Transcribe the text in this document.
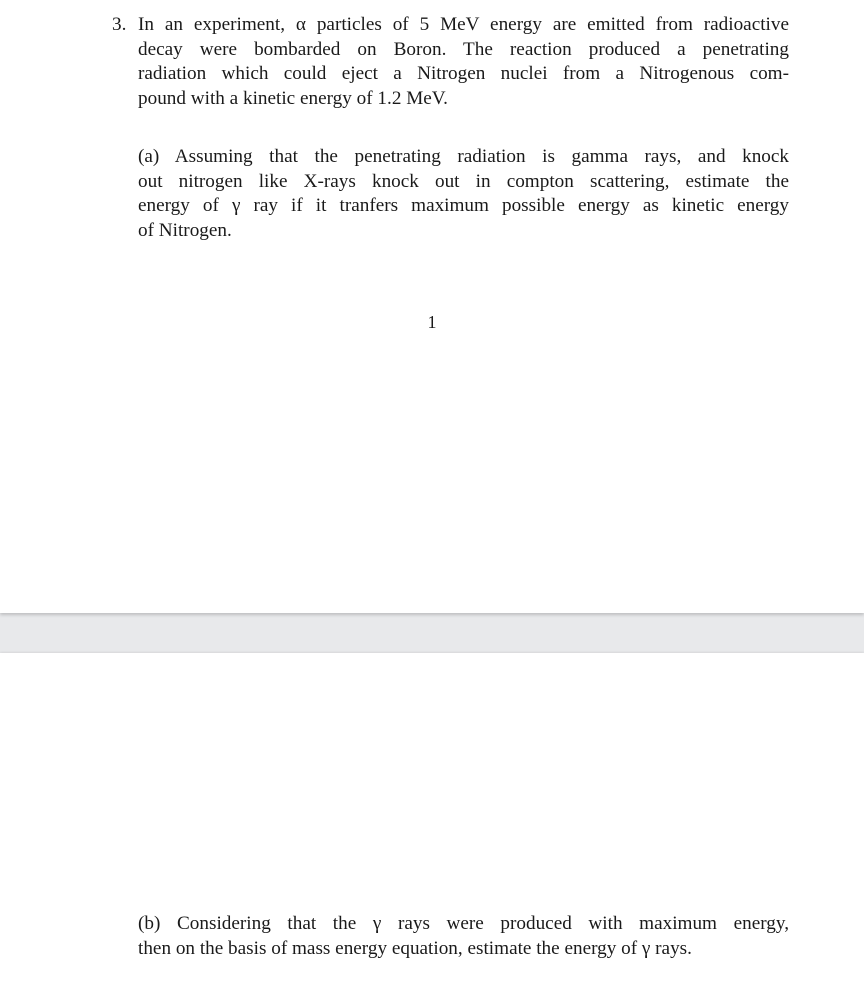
3. In an experiment, α particles of 5 MeV energy are emitted from radioactive
decay were bombarded on Boron. The reaction produced a penetrating
radiation which could eject a Nitrogen nuclei from a Nitrogenous com-
pound with a kinetic energy of 1.2 MeV.
(a) Assuming that the penetrating radiation is gamma rays, and knock
out nitrogen like X-rays knock out in compton scattering, estimate the
energy of γ ray if it tranfers maximum possible energy as kinetic energy
of Nitrogen.
1
(b) Considering that the γ rays were produced with maximum energy,
then on the basis of mass energy equation, estimate the energy of γ rays.
